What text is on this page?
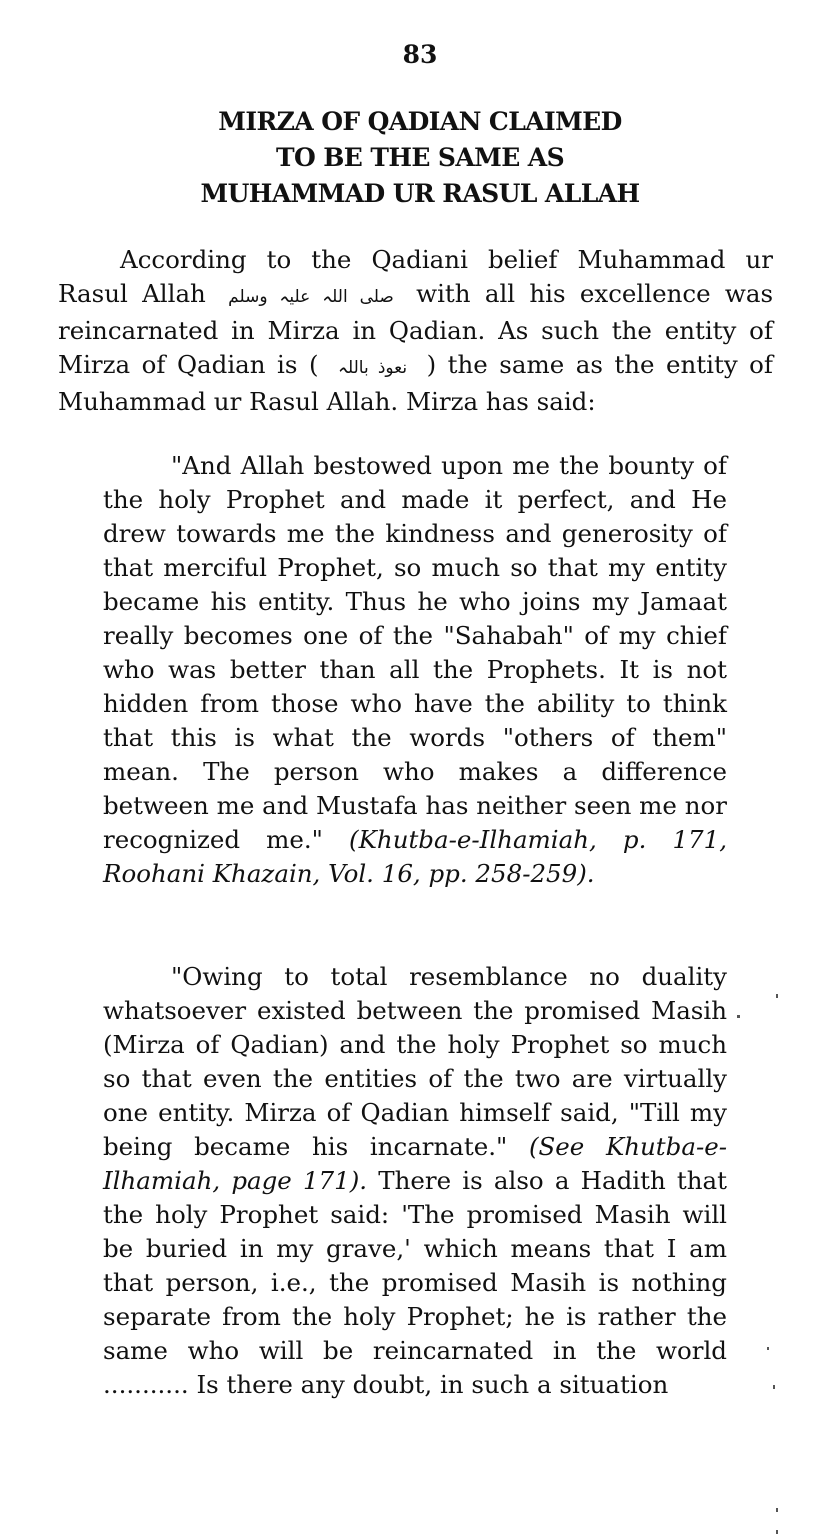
83
MIRZA OF QADIAN CLAIMED
TO BE THE SAME AS
MUHAMMAD UR RASUL ALLAH

According to the Qadiani belief Muhammad ur Rasul Allah صلی اللہ علیہ وسلم with all his excellence was reincarnated in Mirza in Qadian. As such the entity of Mirza of Qadian is ( نعوذ باللہ ) the same as the entity of Muhammad ur Rasul Allah. Mirza has said:

"And Allah bestowed upon me the bounty of the holy Prophet and made it perfect, and He drew towards me the kindness and generosity of that merciful Prophet, so much so that my entity became his entity. Thus he who joins my Jamaat really becomes one of the "Sahabah" of my chief who was better than all the Prophets. It is not hidden from those who have the ability to think that this is what the words "others of them" mean. The person who makes a difference between me and Mustafa has neither seen me nor recognized me." (Khutba-e-Ilhamiah, p. 171, Roohani Khazain, Vol. 16, pp. 258-259).

"Owing to total resemblance no duality whatsoever existed between the promised Masih (Mirza of Qadian) and the holy Prophet so much so that even the entities of the two are virtually one entity. Mirza of Qadian himself said, "Till my being became his incarnate." (See Khutba-e-Ilhamiah, page 171). There is also a Hadith that the holy Prophet said: 'The promised Masih will be buried in my grave,' which means that I am that person, i.e., the promised Masih is nothing separate from the holy Prophet; he is rather the same who will be reincarnated in the world ........... Is there any doubt, in such a situation
